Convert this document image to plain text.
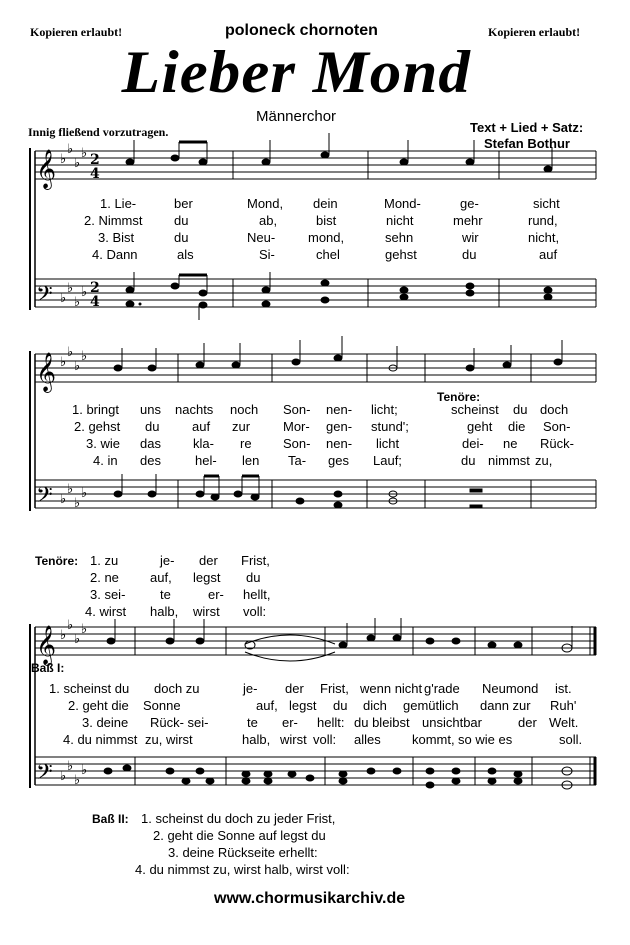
Kopieren erlaubt!	poloneck chornoten	Kopieren erlaubt!
Lieber Mond
Männerchor
Innig fließend vorzutragen.	Text + Lied + Satz:
Stefan Bothur
𝄞
𝄢
𝄞
𝄢
𝄞
𝄢
♭
♭
♭
♭
♭
♭
♭
♭
♭
♭
♭
♭
♭
♭
♭
♭
♭
♭
♭
♭
♭
♭
♭
♭
2
4
2
4
1. Lie-	ber	Mond, dein	Mond-	ge-	sicht
2. Nimmst du	ab,	bist	nicht	mehr	rund,
3. Bist	du	Neu-	mond,	sehn	wir	nicht,
4. Dann	als	Si-	chel	gehst	du	auf
Tenöre:
1. bringt uns nachts noch Son- nen- licht;	scheinst du doch
2. gehst du	auf zur	Mor- gen- stund';	geht die Son-
3. wie das kla- re Son- nen- licht	dei- ne Rück-
4. in des	hel- len Ta- ges Lauf;	du nimmst zu,
Tenöre: 1. zu	je- der Frist,
2. ne auf, legst du
3. sei-	te	er- hellt,
4. wirst halb, wirst voll:
Baß I:
1. scheinst du doch zu	je- der Frist, wenn nicht g'rade Neumond ist.
2. geht die Sonne	auf, legst du dich gemütlich dann zur Ruh'
3. deine Rück- sei-	te er- hellt: du bleibst unsichtbar	der Welt.
4. du nimmst zu, wirst	halb, wirst voll: alles kommt, so wie es	soll.
Baß II: 1. scheinst du doch zu jeder Frist,
2. geht die Sonne auf legst du
3. deine Rückseite erhellt:
4. du nimmst zu, wirst halb, wirst voll:
www.chormusikarchiv.de
